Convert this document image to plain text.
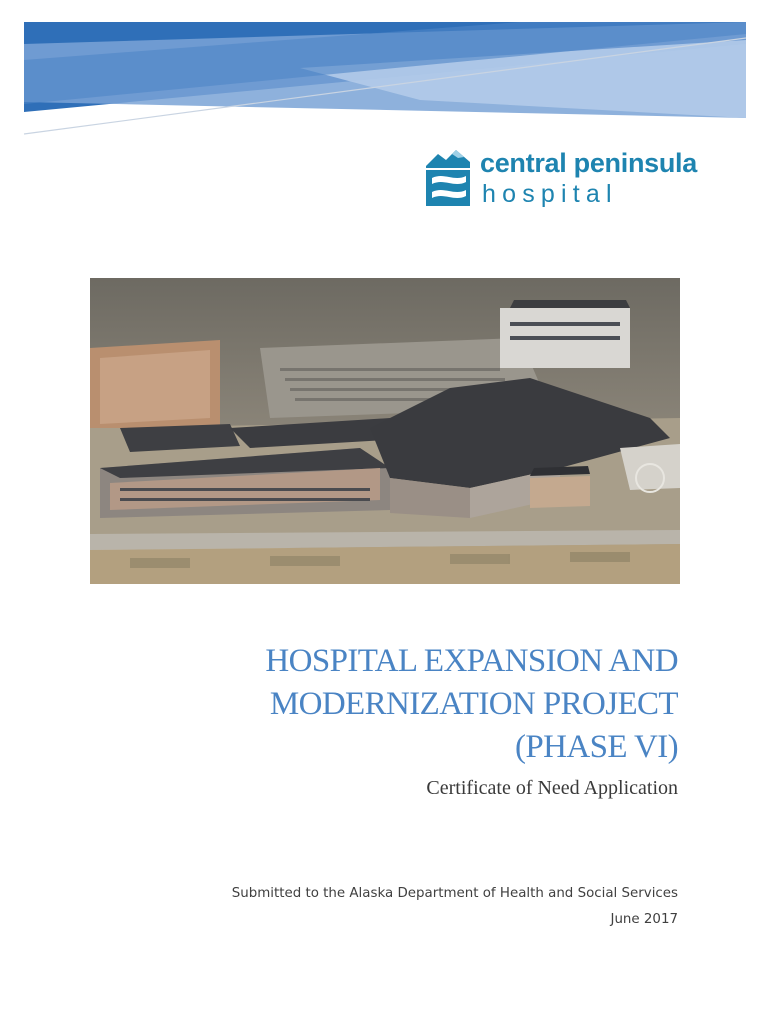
central peninsula
hospital
HOSPITAL EXPANSION AND
MODERNIZATION PROJECT
(PHASE VI)
Certificate of Need Application
Submitted to the Alaska Department of Health and Social Services
June 2017
